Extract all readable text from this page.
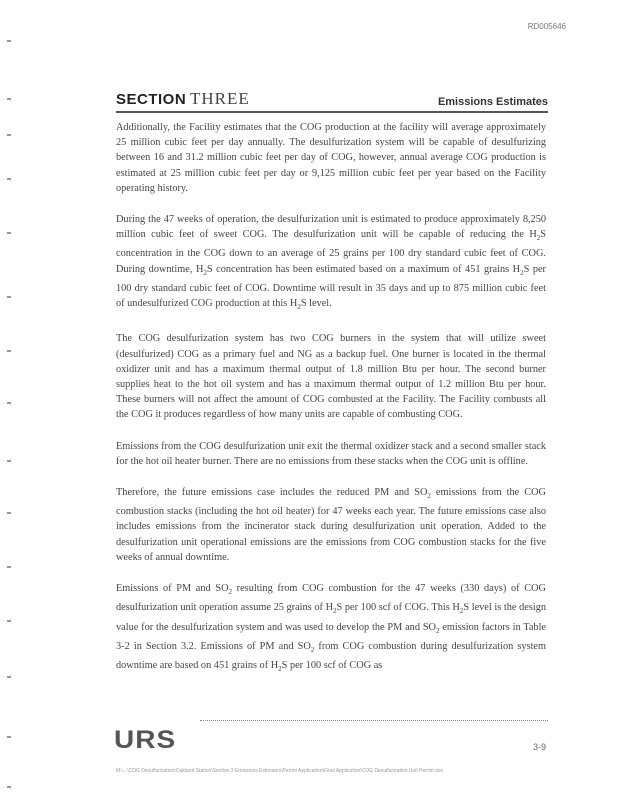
RD005646
SECTION THREE	Emissions Estimates

Additionally, the Facility estimates that the COG production at the facility will average approximately 25 million cubic feet per day annually. The desulfurization system will be capable of desulfurizing between 16 and 31.2 million cubic feet per day of COG, however, annual average COG production is estimated at 25 million cubic feet per day or 9,125 million cubic feet per year based on the Facility operating history.

During the 47 weeks of operation, the desulfurization unit is estimated to produce approximately 8,250 million cubic feet of sweet COG. The desulfurization unit will be capable of reducing the $H_2S$ concentration in the COG down to an average of 25 grains per 100 dry standard cubic feet of COG. During downtime, $H_2S$ concentration has been estimated based on a maximum of 451 grains $H_2S$ per 100 dry standard cubic feet of COG. Downtime will result in 35 days and up to 875 million cubic feet of undesulfurized COG production at this $H_2S$ level.

The COG desulfurization system has two COG burners in the system that will utilize sweet (desulfurized) COG as a primary fuel and NG as a backup fuel. One burner is located in the thermal oxidizer unit and has a maximum thermal output of 1.8 million Btu per hour. The second burner supplies heat to the hot oil system and has a maximum thermal output of 1.2 million Btu per hour. These burners will not affect the amount of COG combusted at the Facility. The Facility combusts all the COG it produces regardless of how many units are capable of combusting COG.

Emissions from the COG desulfurization unit exit the thermal oxidizer stack and a second smaller stack for the hot oil heater burner. There are no emissions from these stacks when the COG unit is offline.

Therefore, the future emissions case includes the reduced PM and $SO_2$ emissions from the COG combustion stacks (including the hot oil heater) for 47 weeks each year. The future emissions case also includes emissions from the incinerator stack during desulfurization unit operation. Added to the desulfurization unit operational emissions are the emissions from COG combustion stacks for the five weeks of annual downtime.

Emissions of PM and $SO_2$ resulting from COG combustion for the 47 weeks (330 days) of COG desulfurization unit operation assume 25 grains of $H_2S$ per 100 scf of COG. This $H_2S$ level is the design value for the desulfurization system and was used to develop the PM and $SO_2$ emission factors in Table 3-2 in Section 3.2. Emissions of PM and $SO_2$ from COG combustion during desulfurization system downtime are based on 451 grains of $H_2S$ per 100 scf of COG as

URS	3-9
M:\...\COG Desulfurization\Oakland Station\Section 3 Emissions Estimates\Permit Application\Final Application\COG Desulfurization Unit Permit.doc
